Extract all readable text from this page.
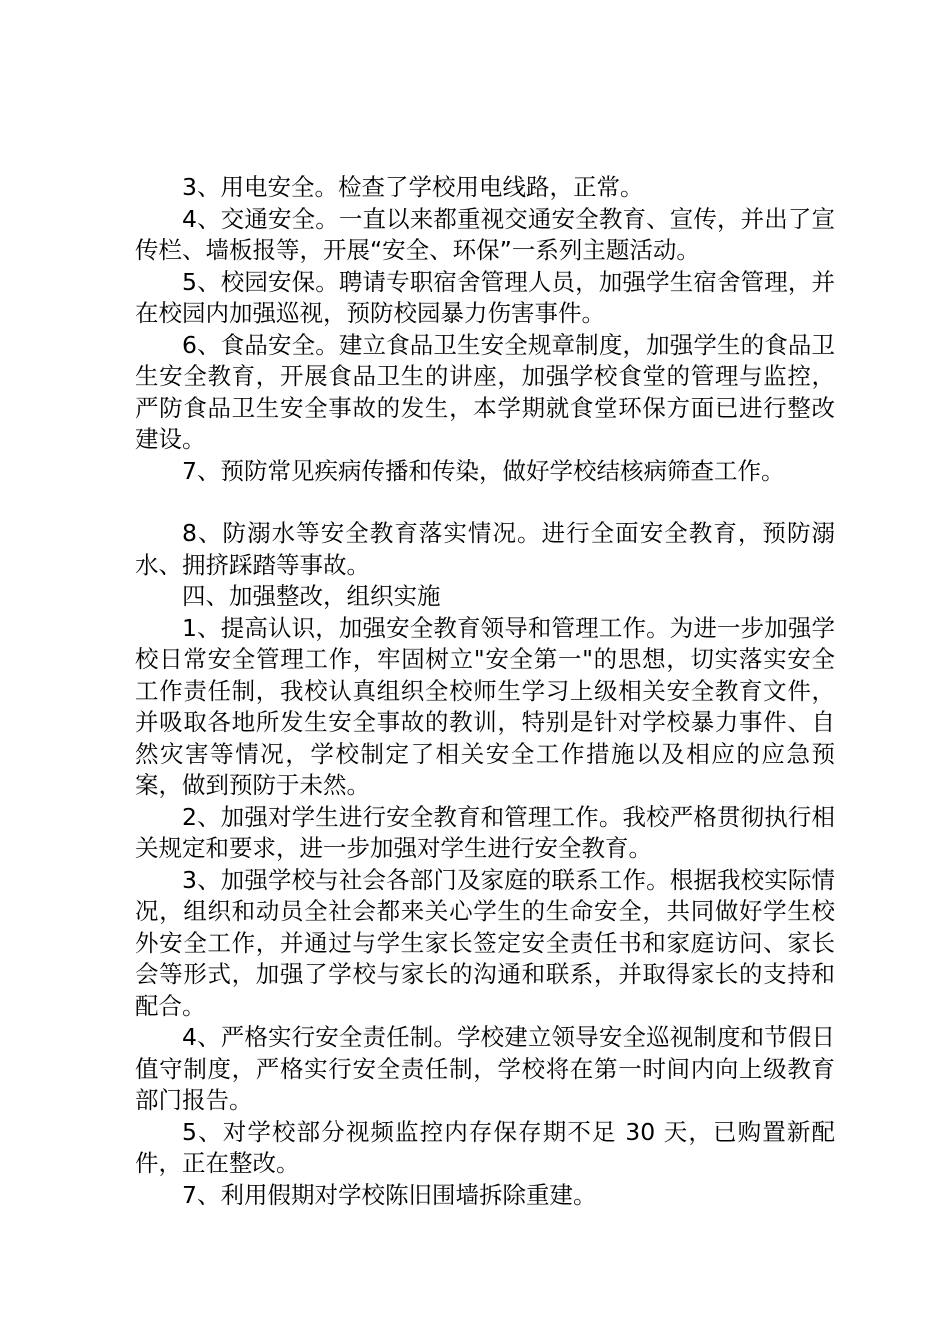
3、用电安全。检查了学校用电线路，正常。

4、交通安全。一直以来都重视交通安全教育、宣传，并出了宣传栏、墙板报等，开展“安全、环保”一系列主题活动。

5、校园安保。聘请专职宿舍管理人员，加强学生宿舍管理，并在校园内加强巡视，预防校园暴力伤害事件。

6、食品安全。建立食品卫生安全规章制度，加强学生的食品卫生安全教育，开展食品卫生的讲座，加强学校食堂的管理与监控，严防食品卫生安全事故的发生，本学期就食堂环保方面已进行整改建设。

7、预防常见疾病传播和传染，做好学校结核病筛查工作。

8、防溺水等安全教育落实情况。进行全面安全教育，预防溺水、拥挤踩踏等事故。

四、加强整改，组织实施

1、提高认识，加强安全教育领导和管理工作。为进一步加强学校日常安全管理工作，牢固树立"安全第一"的思想，切实落实安全工作责任制，我校认真组织全校师生学习上级相关安全教育文件，并吸取各地所发生安全事故的教训，特别是针对学校暴力事件、自然灾害等情况，学校制定了相关安全工作措施以及相应的应急预案，做到预防于未然。

2、加强对学生进行安全教育和管理工作。我校严格贯彻执行相关规定和要求，进一步加强对学生进行安全教育。

3、加强学校与社会各部门及家庭的联系工作。根据我校实际情况，组织和动员全社会都来关心学生的生命安全，共同做好学生校外安全工作，并通过与学生家长签定安全责任书和家庭访问、家长会等形式，加强了学校与家长的沟通和联系，并取得家长的支持和配合。

4、严格实行安全责任制。学校建立领导安全巡视制度和节假日值守制度，严格实行安全责任制，学校将在第一时间内向上级教育部门报告。

5、对学校部分视频监控内存保存期不足 30 天，已购置新配件，正在整改。

7、利用假期对学校陈旧围墙拆除重建。
